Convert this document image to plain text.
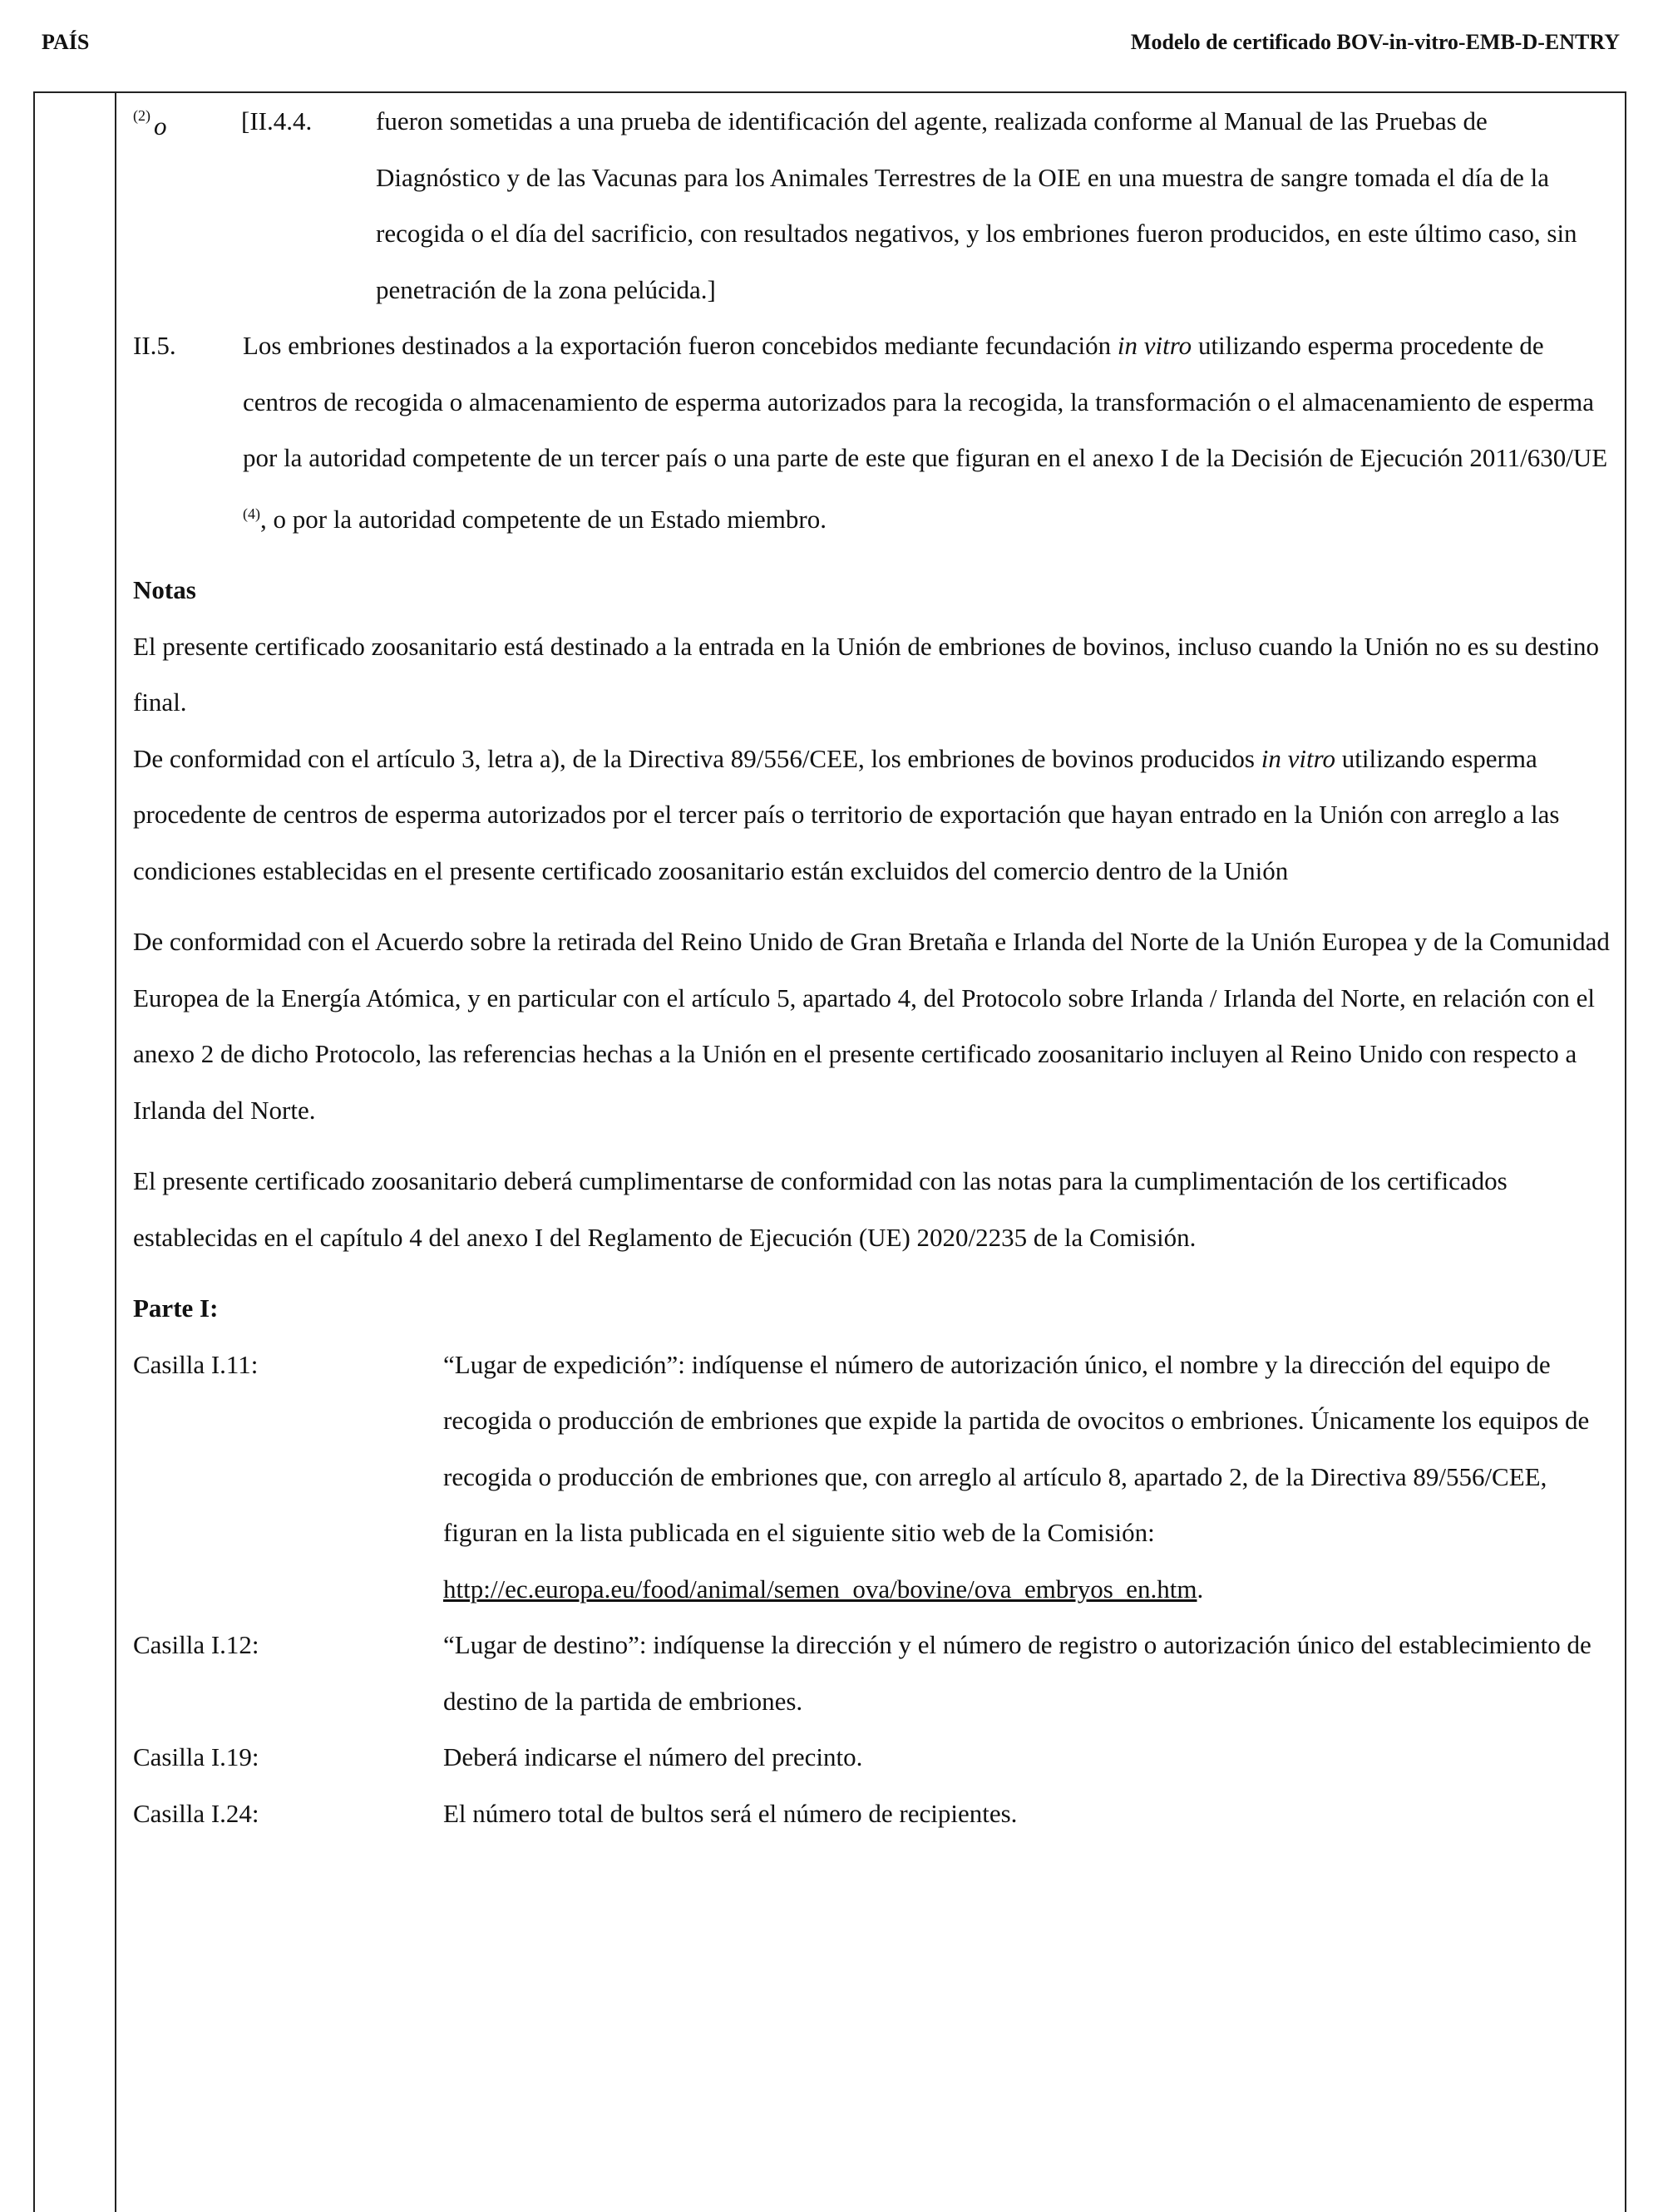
PAÍS	Modelo de certificado BOV-in-vitro-EMB-D-ENTRY
$^{(2)}$ o	[II.4.4.	fueron sometidas a una prueba de identificación del agente, realizada conforme al Manual de las Pruebas de Diagnóstico y de las Vacunas para los Animales Terrestres de la OIE en una muestra de sangre tomada el día de la recogida o el día del sacrificio, con resultados negativos, y los embriones fueron producidos, en este último caso, sin penetración de la zona pelúcida.]
II.5.	Los embriones destinados a la exportación fueron concebidos mediante fecundación in vitro utilizando esperma procedente de centros de recogida o almacenamiento de esperma autorizados para la recogida, la transformación o el almacenamiento de esperma por la autoridad competente de un tercer país o una parte de este que figuran en el anexo I de la Decisión de Ejecución 2011/630/UE $^{(4)}$, o por la autoridad competente de un Estado miembro.
Notas
El presente certificado zoosanitario está destinado a la entrada en la Unión de embriones de bovinos, incluso cuando la Unión no es su destino final.
De conformidad con el artículo 3, letra a), de la Directiva 89/556/CEE, los embriones de bovinos producidos in vitro utilizando esperma procedente de centros de esperma autorizados por el tercer país o territorio de exportación que hayan entrado en la Unión con arreglo a las condiciones establecidas en el presente certificado zoosanitario están excluidos del comercio dentro de la Unión
De conformidad con el Acuerdo sobre la retirada del Reino Unido de Gran Bretaña e Irlanda del Norte de la Unión Europea y de la Comunidad Europea de la Energía Atómica, y en particular con el artículo 5, apartado 4, del Protocolo sobre Irlanda / Irlanda del Norte, en relación con el anexo 2 de dicho Protocolo, las referencias hechas a la Unión en el presente certificado zoosanitario incluyen al Reino Unido con respecto a Irlanda del Norte.
El presente certificado zoosanitario deberá cumplimentarse de conformidad con las notas para la cumplimentación de los certificados establecidas en el capítulo 4 del anexo I del Reglamento de Ejecución (UE) 2020/2235 de la Comisión.
Parte I:
Casilla I.11:	“Lugar de expedición”: indíquense el número de autorización único, el nombre y la dirección del equipo de recogida o producción de embriones que expide la partida de ovocitos o embriones. Únicamente los equipos de recogida o producción de embriones que, con arreglo al artículo 8, apartado 2, de la Directiva 89/556/CEE, figuran en la lista publicada en el siguiente sitio web de la Comisión:
http://ec.europa.eu/food/animal/semen_ova/bovine/ova_embryos_en.htm.
Casilla I.12:	“Lugar de destino”: indíquense la dirección y el número de registro o autorización único del establecimiento de destino de la partida de embriones.
Casilla I.19:	Deberá indicarse el número del precinto.
Casilla I.24:	El número total de bultos será el número de recipientes.
